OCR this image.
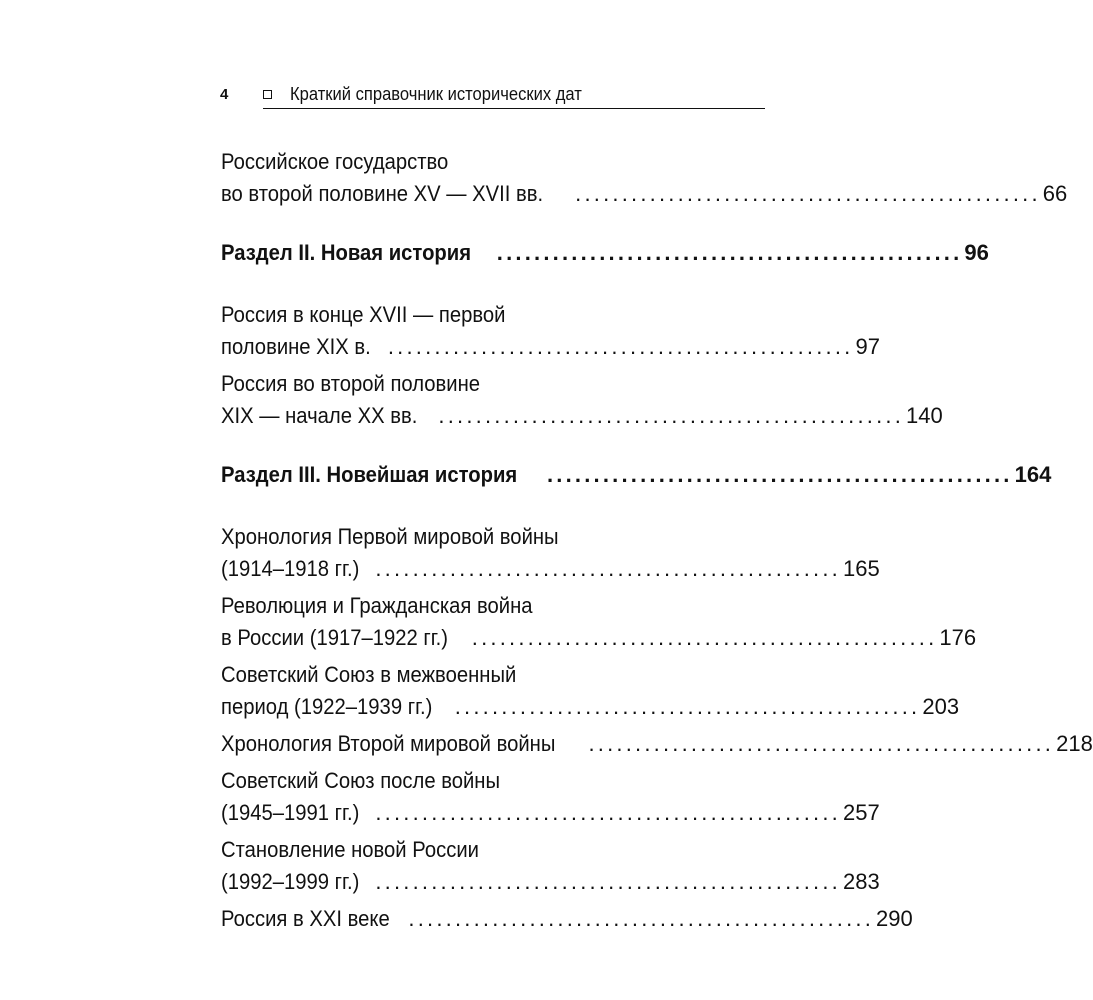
4	Краткий справочник исторических дат
Российское государство
во второй половине XV — XVII вв. .................................................. 66
Раздел II. Новая история .................................................. 96
Россия в конце XVII — первой
половине XIX в. .................................................. 97
Россия во второй половине
XIX — начале XX вв. .................................................. 140
Раздел III. Новейшая история .................................................. 164
Хронология Первой мировой войны
(1914–1918 гг.) .................................................. 165
Революция и Гражданская война
в России (1917–1922 гг.) .................................................. 176
Советский Союз в межвоенный
период (1922–1939 гг.) .................................................. 203
Хронология Второй мировой войны .................................................. 218
Советский Союз после войны
(1945–1991 гг.) .................................................. 257
Становление новой России
(1992–1999 гг.) .................................................. 283
Россия в XXI веке .................................................. 290
